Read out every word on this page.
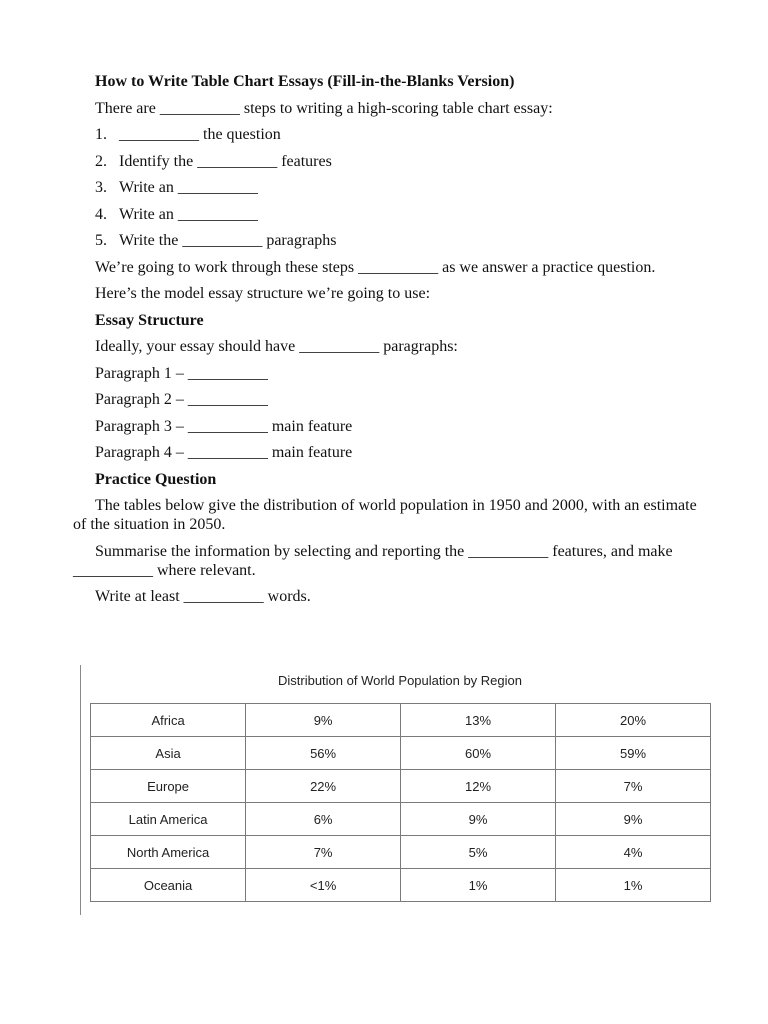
How to Write Table Chart Essays (Fill-in-the-Blanks Version)

There are __________ steps to writing a high-scoring table chart essay:

1. __________ the question
2. Identify the __________ features
3. Write an __________
4. Write an __________
5. Write the __________ paragraphs

We’re going to work through these steps __________ as we answer a practice question.

Here’s the model essay structure we’re going to use:

Essay Structure

Ideally, your essay should have __________ paragraphs:

Paragraph 1 – __________

Paragraph 2 – __________

Paragraph 3 – __________ main feature

Paragraph 4 – __________ main feature

Practice Question

The tables below give the distribution of world population in 1950 and 2000, with an estimate of the situation in 2050.

Summarise the information by selecting and reporting the __________ features, and make __________ where relevant.

Write at least __________ words.

Distribution of World Population by Region
Africa	9%	13%	20%
Asia	56%	60%	59%
Europe	22%	12%	7%
Latin America	6%	9%	9%
North America	7%	5%	4%
Oceania	<1%	1%	1%
